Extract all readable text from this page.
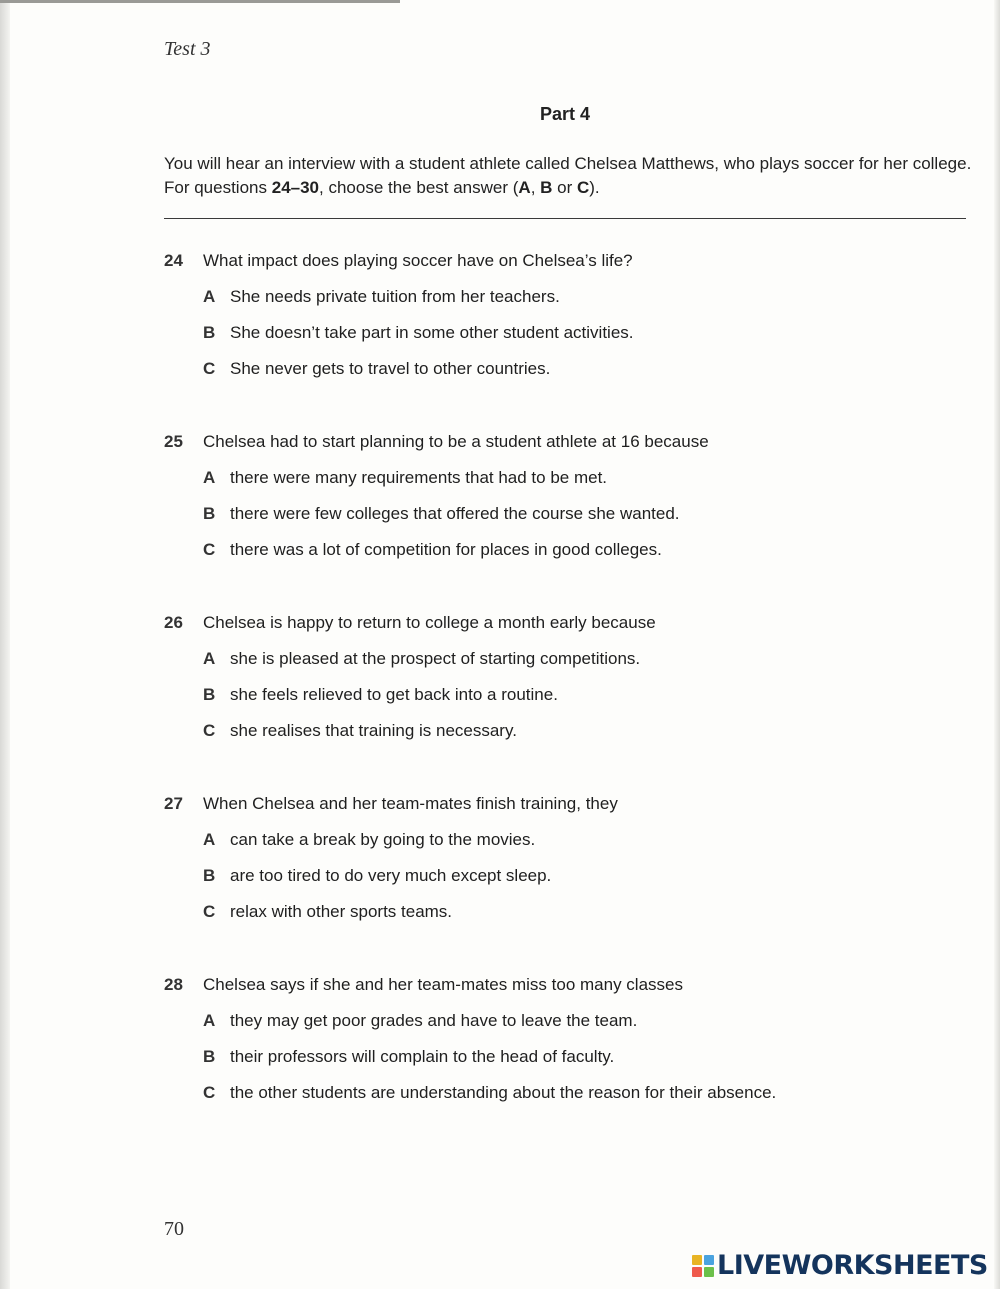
Test 3
Part 4
You will hear an interview with a student athlete called Chelsea Matthews, who plays soccer for her college. For questions 24–30, choose the best answer (A, B or C).
24 What impact does playing soccer have on Chelsea’s life?
A She needs private tuition from her teachers.
B She doesn’t take part in some other student activities.
C She never gets to travel to other countries.
25 Chelsea had to start planning to be a student athlete at 16 because
A there were many requirements that had to be met.
B there were few colleges that offered the course she wanted.
C there was a lot of competition for places in good colleges.
26 Chelsea is happy to return to college a month early because
A she is pleased at the prospect of starting competitions.
B she feels relieved to get back into a routine.
C she realises that training is necessary.
27 When Chelsea and her team-mates finish training, they
A can take a break by going to the movies.
B are too tired to do very much except sleep.
C relax with other sports teams.
28 Chelsea says if she and her team-mates miss too many classes
A they may get poor grades and have to leave the team.
B their professors will complain to the head of faculty.
C the other students are understanding about the reason for their absence.
70
LIVEWORKSHEETS
